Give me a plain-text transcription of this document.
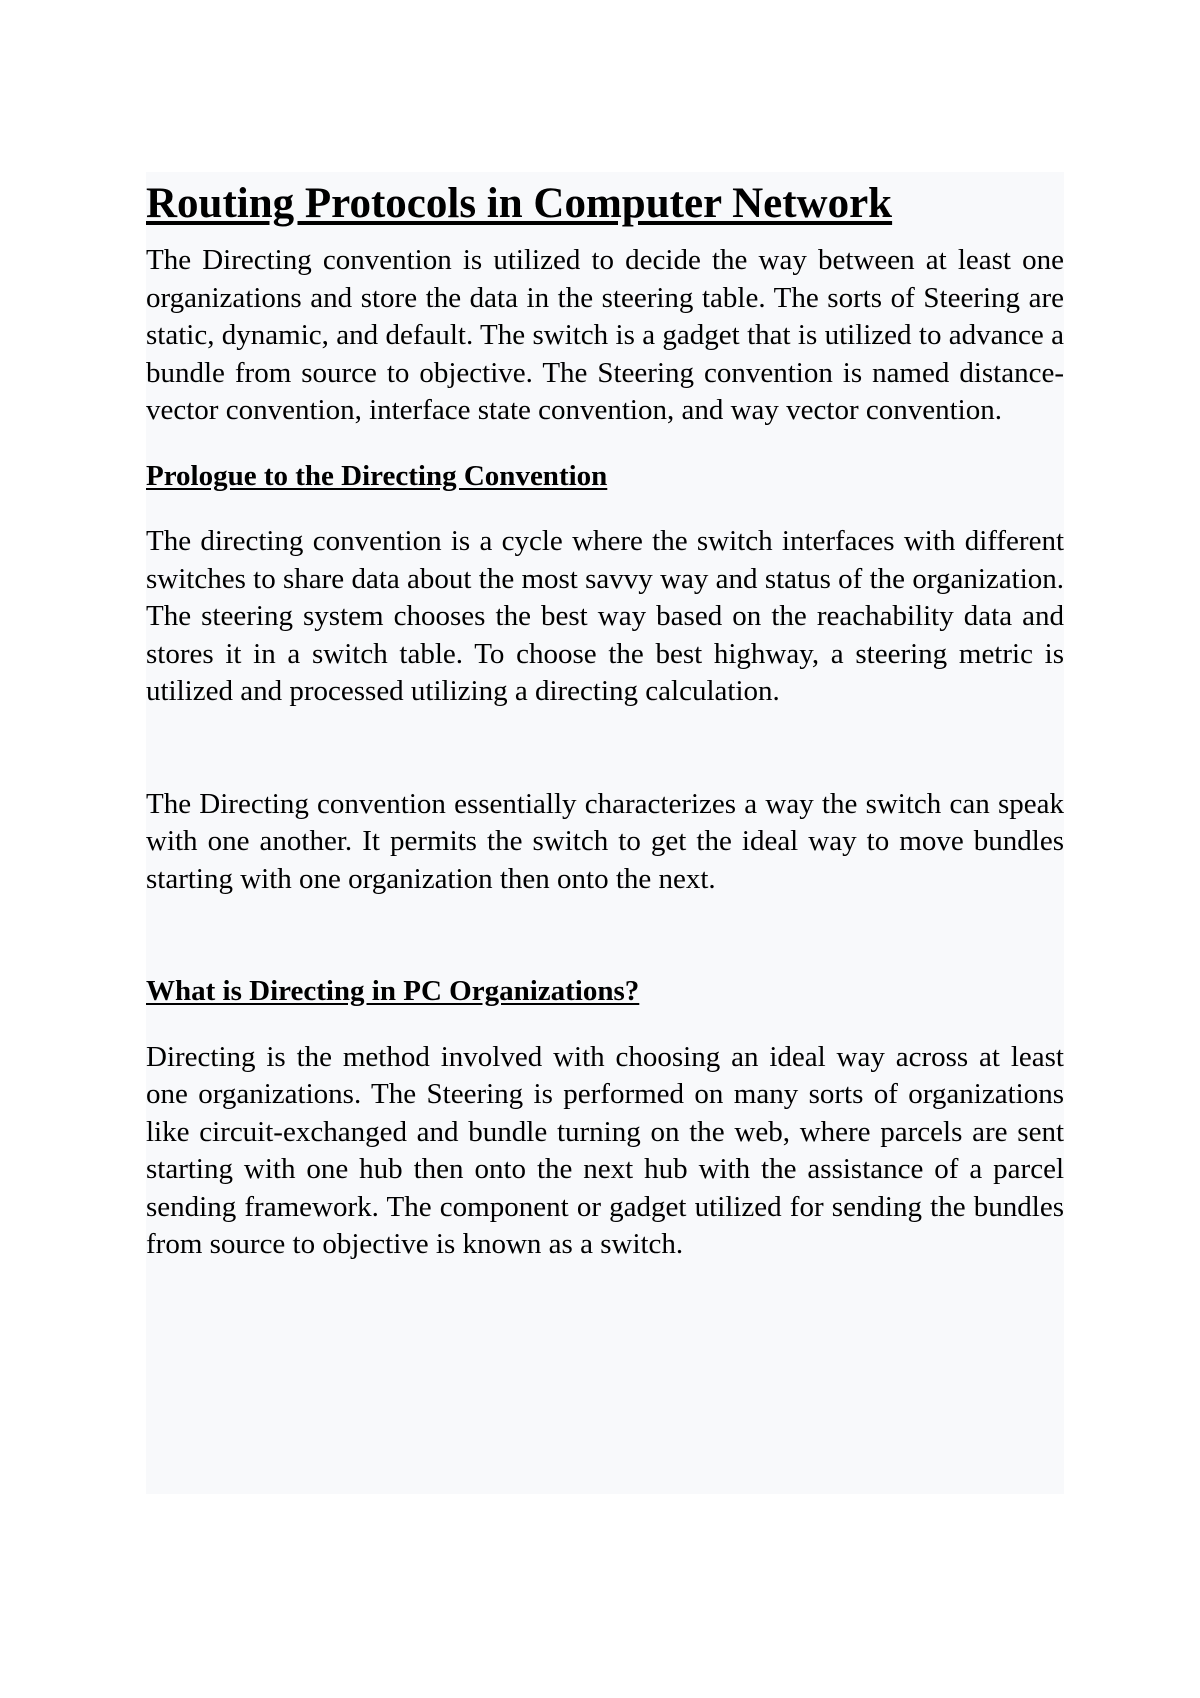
Routing Protocols in Computer Network

The Directing convention is utilized to decide the way between at least one organizations and store the data in the steering table. The sorts of Steering are static, dynamic, and default. The switch is a gadget that is utilized to advance a bundle from source to objective. The Steering convention is named distance-vector convention, interface state convention, and way vector convention.

Prologue to the Directing Convention

The directing convention is a cycle where the switch interfaces with different switches to share data about the most savvy way and status of the organization. The steering system chooses the best way based on the reachability data and stores it in a switch table. To choose the best highway, a steering metric is utilized and processed utilizing a directing calculation.

The Directing convention essentially characterizes a way the switch can speak with one another. It permits the switch to get the ideal way to move bundles starting with one organization then onto the next.

What is Directing in PC Organizations?

Directing is the method involved with choosing an ideal way across at least one organizations. The Steering is performed on many sorts of organizations like circuit-exchanged and bundle turning on the web, where parcels are sent starting with one hub then onto the next hub with the assistance of a parcel sending framework. The component or gadget utilized for sending the bundles from source to objective is known as a switch.
